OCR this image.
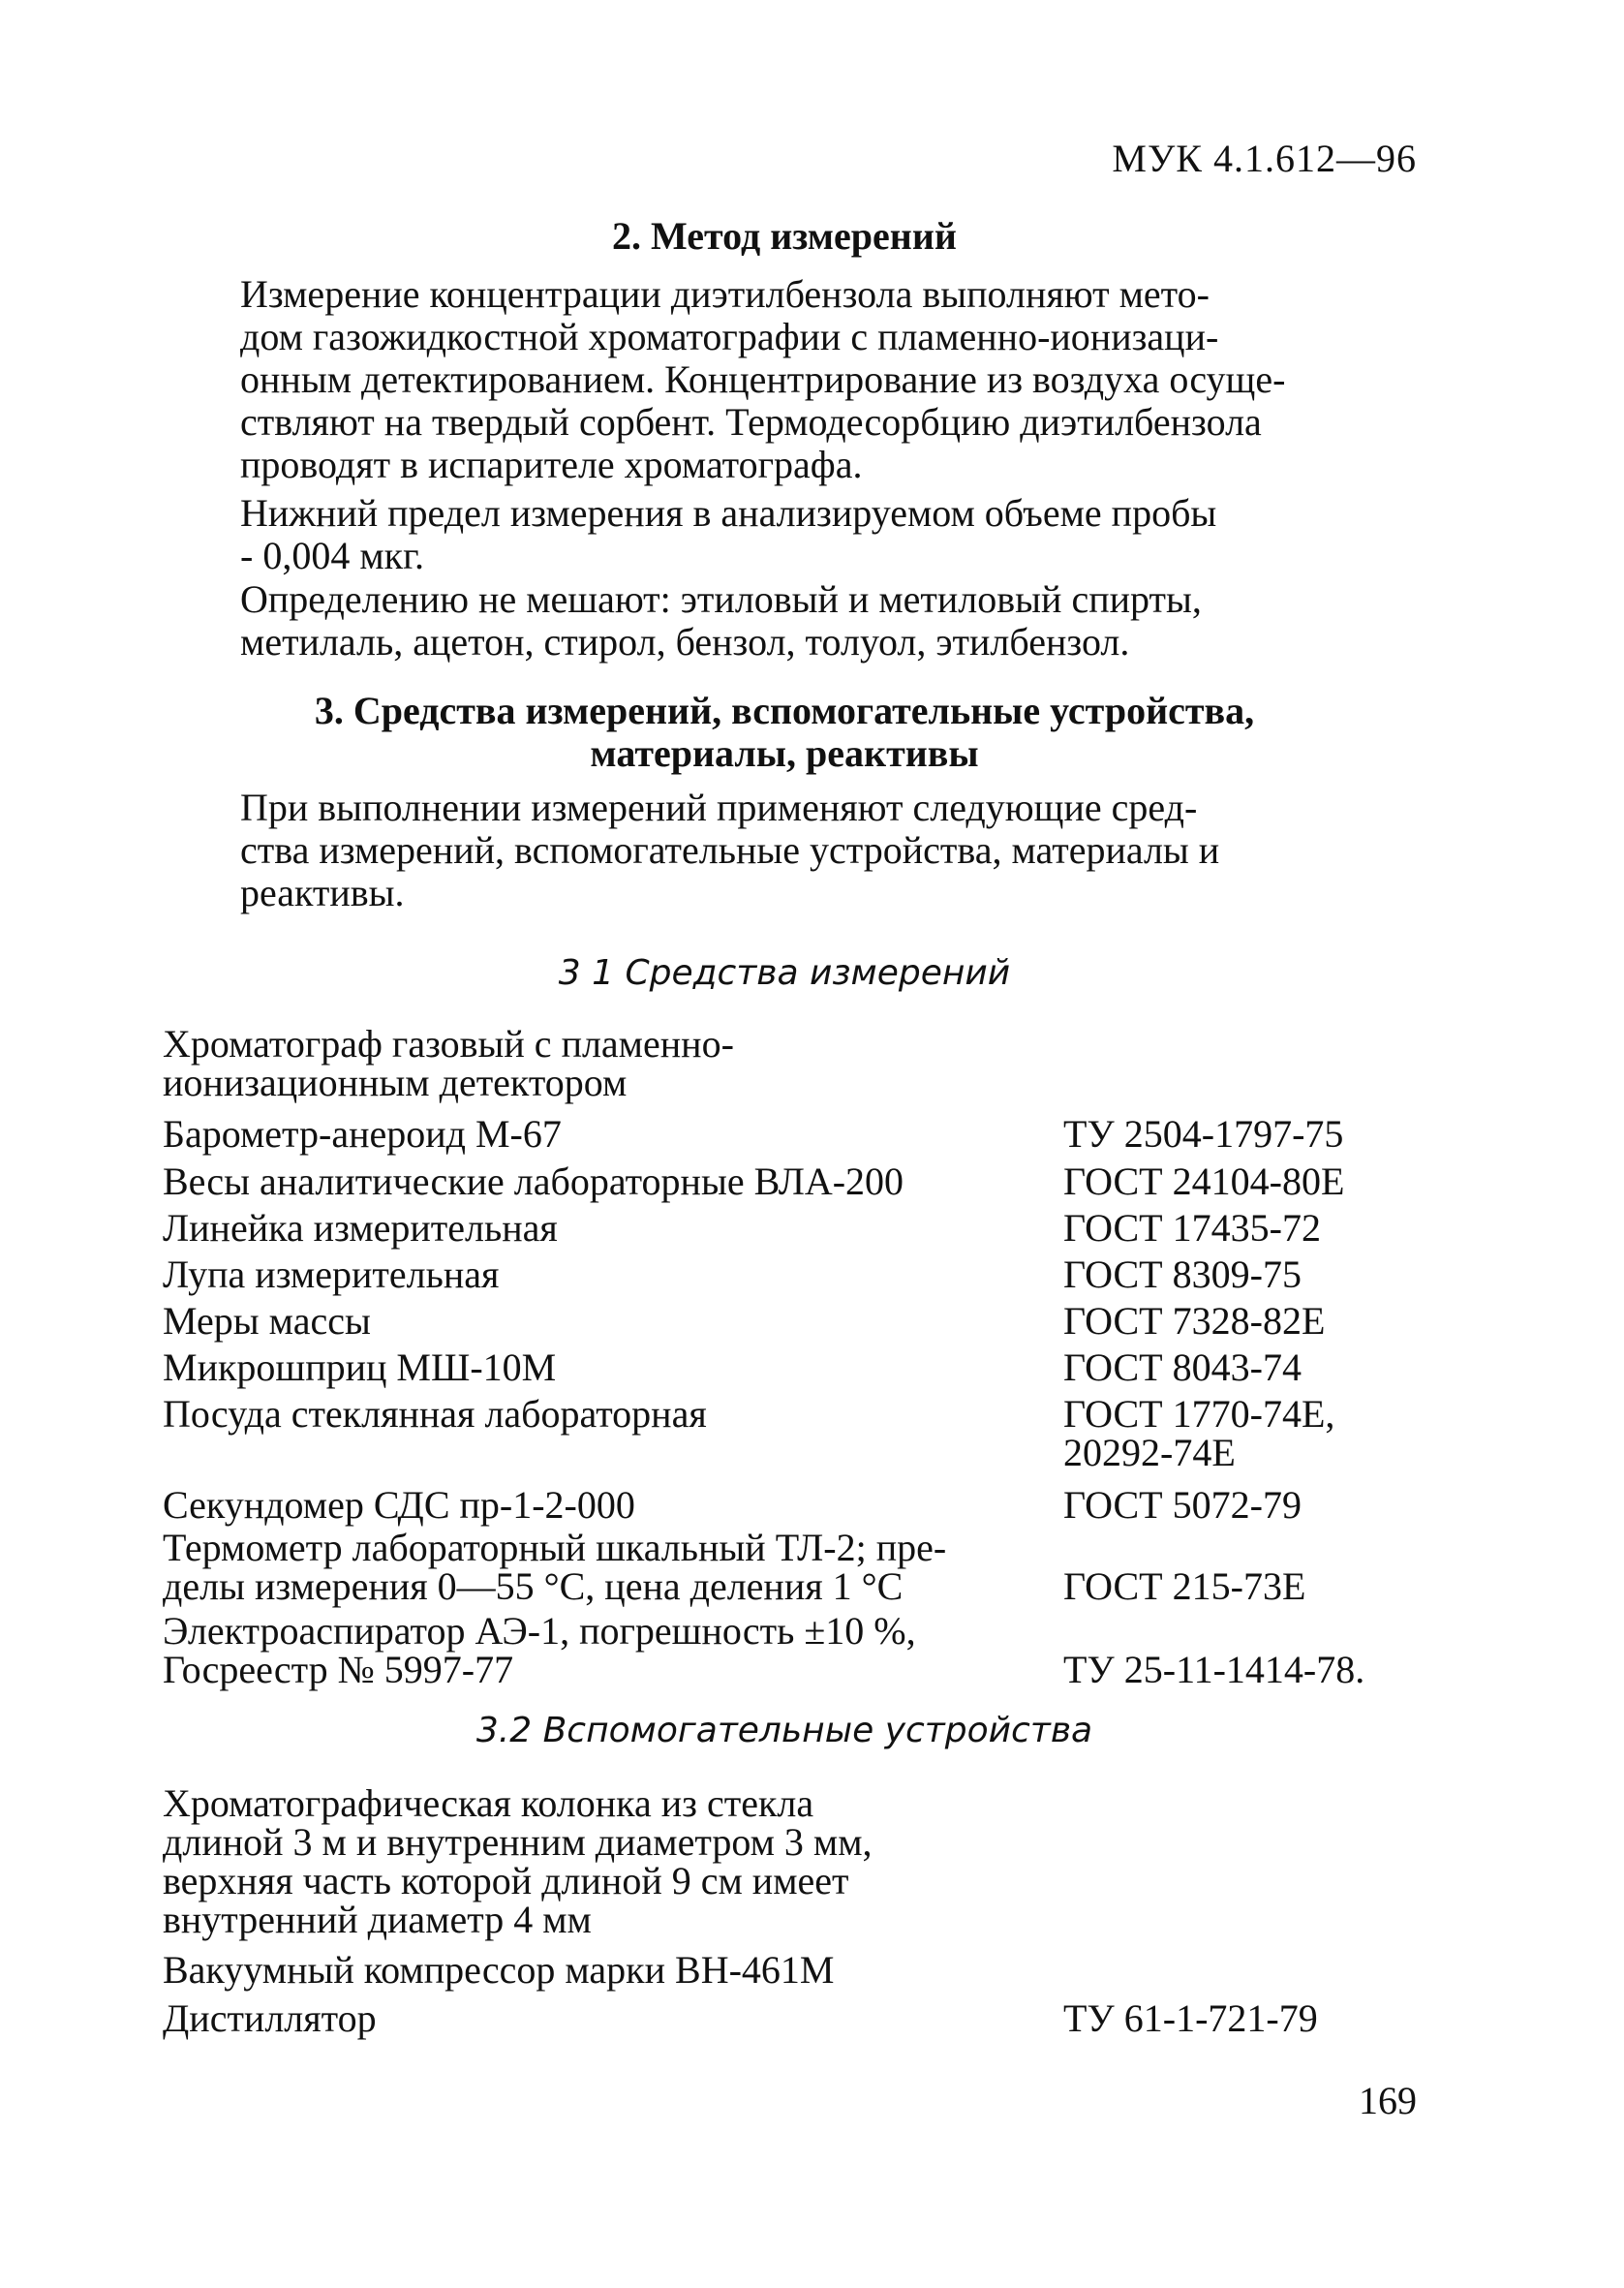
МУК 4.1.612—96
2. Метод измерений
Измерение концентрации диэтилбензола выполняют мето-
дом газожидкостной хроматографии с пламенно-ионизаци-
онным детектированием. Концентрирование из воздуха осуще-
ствляют на твердый сорбент. Термодесорбцию диэтилбензола
проводят в испарителе хроматографа.
Нижний предел измерения в анализируемом объеме пробы
- 0,004 мкг.
Определению не мешают: этиловый и метиловый спирты,
метилаль, ацетон, стирол, бензол, толуол, этилбензол.
3. Средства измерений, вспомогательные устройства,
материалы, реактивы
При выполнении измерений применяют следующие сред-
ства измерений, вспомогательные устройства, материалы и
реактивы.
3 1 Средства измерений
Хроматограф газовый с пламенно-
ионизационным детектором
Барометр-анероид М-67	ТУ 2504-1797-75
Весы аналитические лабораторные ВЛА-200	ГОСТ 24104-80Е
Линейка измерительная	ГОСТ 17435-72
Лупа измерительная	ГОСТ 8309-75
Меры массы	ГОСТ 7328-82Е
Микрошприц МШ-10М	ГОСТ 8043-74
Посуда стеклянная лабораторная	ГОСТ 1770-74Е,
20292-74Е
Секундомер СДС пр-1-2-000	ГОСТ 5072-79
Термометр лабораторный шкальный ТЛ-2; пре-
делы измерения 0—55 °С, цена деления 1 °С	ГОСТ 215-73Е
Электроаспиратор АЭ-1, погрешность ±10 %,
Госреестр № 5997-77	ТУ 25-11-1414-78.
3.2 Вспомогательные устройства
Хроматографическая колонка из стекла
длиной 3 м и внутренним диаметром 3 мм,
верхняя часть которой длиной 9 см имеет
внутренний диаметр 4 мм
Вакуумный компрессор марки ВН-461М
Дистиллятор	ТУ 61-1-721-79
169
